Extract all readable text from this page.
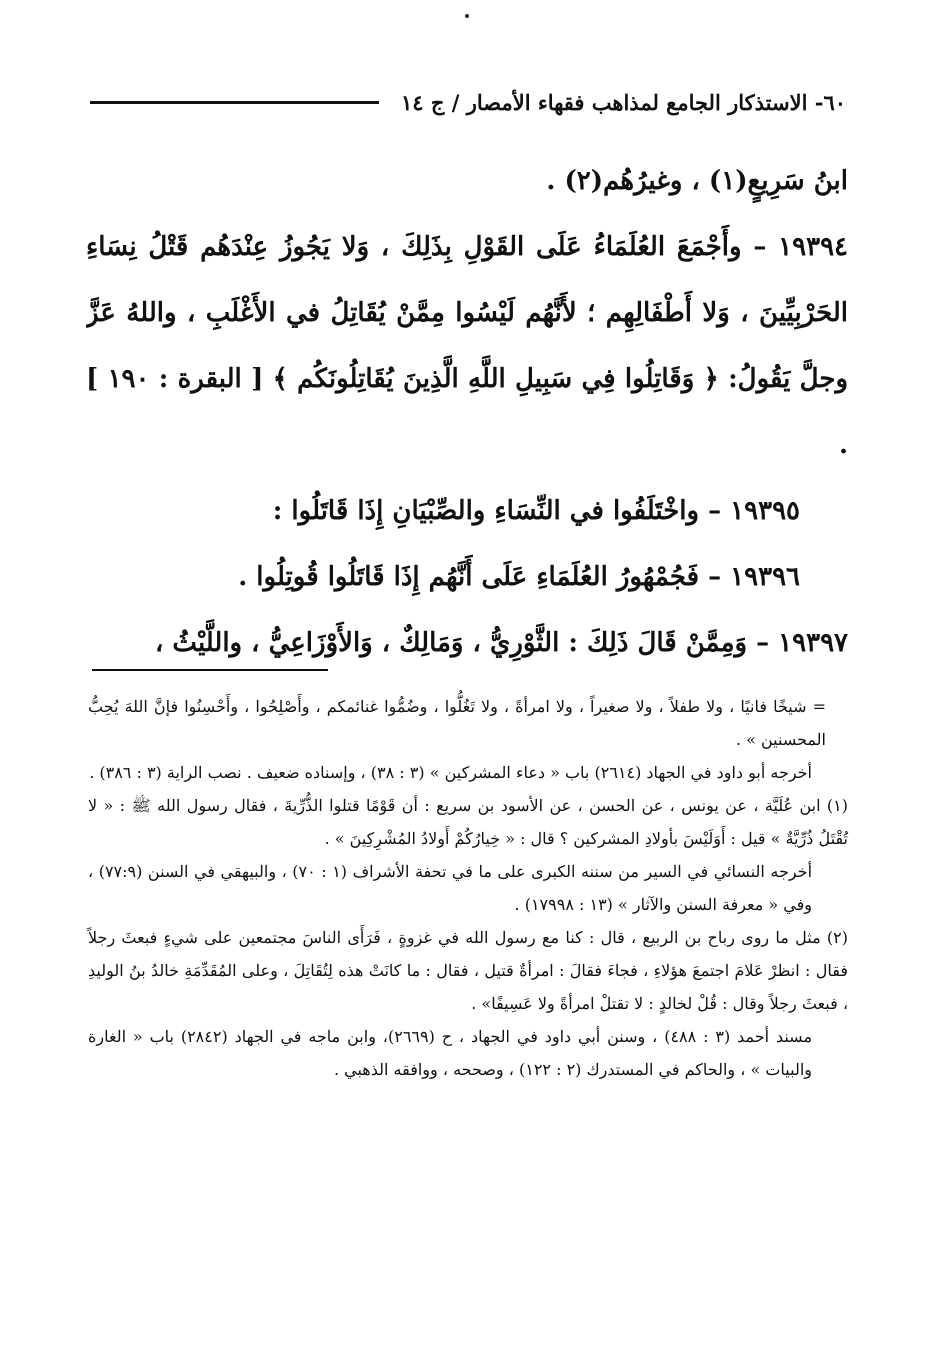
٦٠- الاستذكار الجامع لمذاهب فقهاء الأمصار / ج ١٤

ابنُ سَرِيعٍ(١) ، وغيرُهُم(٢) .

١٩٣٩٤ – وأَجْمَعَ العُلَمَاءُ عَلَى القَوْلِ بِذَلِكَ ، وَلا يَجُوزُ عِنْدَهُم قَتْلُ نِسَاءِ الحَرْبِيِّينَ ، وَلا أَطْفَالِهِم ؛ لأَنَّهُم لَيْسُوا مِمَّنْ يُقَاتِلُ في الأَغْلَبِ ، واللهُ عَزَّ وجلَّ يَقُولُ: ﴿ وَقَاتِلُوا فِي سَبِيلِ اللَّهِ الَّذِينَ يُقَاتِلُونَكُم ﴾ [ البقرة : ١٩٠ ] .

١٩٣٩٥ – واخْتَلَفُوا في النِّسَاءِ والصِّبْيَانِ إِذَا قَاتَلُوا :

١٩٣٩٦ – فَجُمْهُورُ العُلَمَاءِ عَلَى أَنَّهُم إِذَا قَاتَلُوا قُوتِلُوا .

١٩٣٩٧ – وَمِمَّنْ قَالَ ذَلِكَ : الثَّوْرِيُّ ، وَمَالِكٌ ، وَالأَوْزَاعِيُّ ، واللَّيْثُ ،

= شيخًا فانيًا ، ولا طفلاً ، ولا صغيراً ، ولا امرأةً ، ولا تَغُلُّوا ، وضُمُّوا غنائمكم ، وأَصْلِحُوا ، وأَحْسِنُوا فإنَّ اللهَ يُحِبُّ المحسنين » .

أخرجه أبو داود في الجهاد (٢٦١٤) باب « دعاء المشركين » (٣ : ٣٨) ، وإسناده ضعيف . نصب الراية (٣ : ٣٨٦) .

(١) ابن عُلَيَّة ، عن يونس ، عن الحسن ، عن الأسود بن سريع : أن قَوْمًا قتلوا الذُّرِّيةَ ، فقال رسول الله ﷺ : « لا تُقْتَلُ ذُرِّيَّةٌ » قيل : أَوَلَيْسَ بأولادِ المشركين ؟ قال : « خِيارُكُمْ أَولادُ المُشْرِكِينَ » .

أخرجه النسائي في السير من سننه الكبرى على ما في تحفة الأشراف (١ : ٧٠) ، والبيهقي في السنن (٧٧:٩) ، وفي « معرفة السنن والآثار » (١٣ : ١٧٩٩٨) .

(٢) مثل ما روى رباح بن الربيع ، قال : كنا مع رسول الله في غزوةٍ ، فَرَأَى الناسَ مجتمعين على شيءٍ فبعثَ رجلاً فقال : انظرْ عَلامَ اجتمعَ هؤلاءِ ، فجاءَ فقالَ : امرأةٌ قتيل ، فقال : ما كانَتْ هذه لِتُقَاتِلَ ، وعلى المُقَدِّمَةِ خالدُ بنُ الوليدِ ، فبعثَ رجلاً وقال : قُلْ لخالدٍ : لا تقتلْ امرأةً ولا عَسِيفًا» .

مسند أحمد (٣ : ٤٨٨) ، وسنن أبي داود في الجهاد ، ح (٢٦٦٩)، وابن ماجه في الجهاد (٢٨٤٢) باب « الغارة والبيات » ، والحاكم في المستدرك (٢ : ١٢٢) ، وصححه ، ووافقه الذهبي .
